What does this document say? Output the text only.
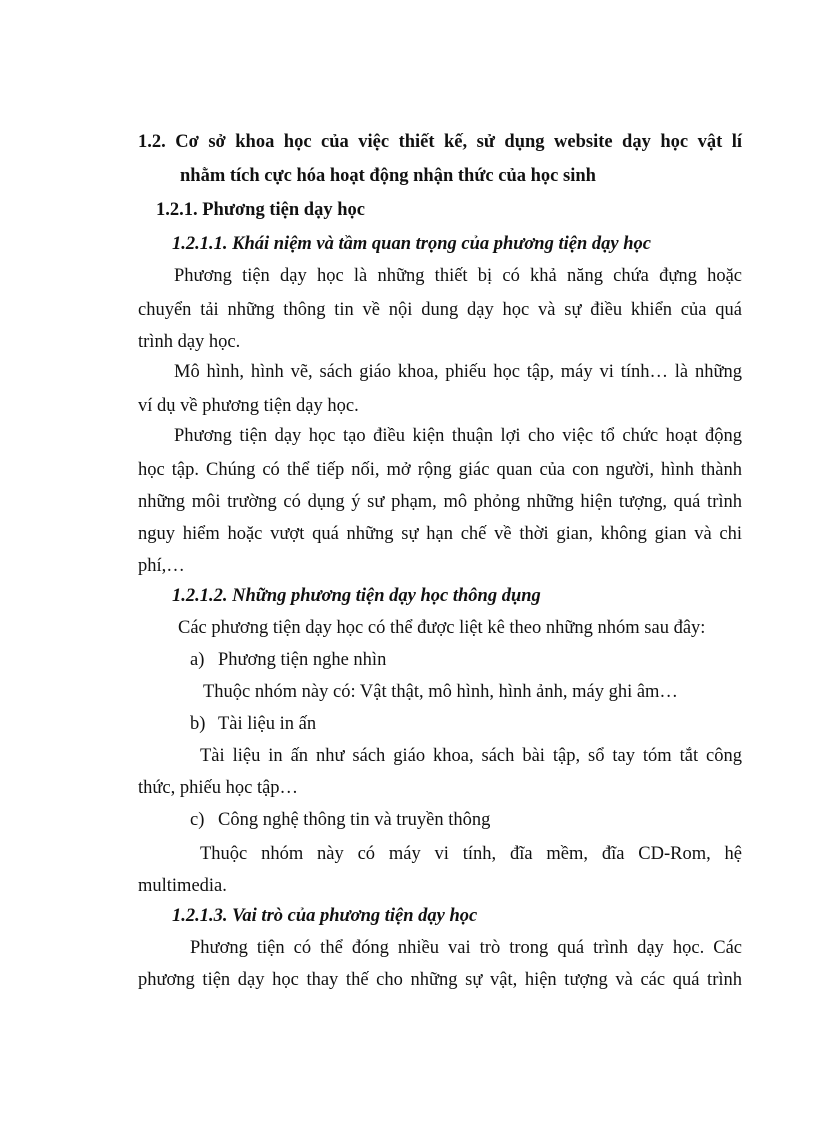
1.2. Cơ sở khoa học của việc thiết kế, sử dụng website dạy học vật lí
nhằm tích cực hóa hoạt động nhận thức của học sinh
1.2.1. Phương tiện dạy học
1.2.1.1. Khái niệm và tầm quan trọng của phương tiện dạy học
Phương tiện dạy học là những thiết bị có khả năng chứa đựng hoặc
chuyển tải những thông tin về nội dung dạy học và sự điều khiển của quá
trình dạy học.
Mô hình, hình vẽ, sách giáo khoa, phiếu học tập, máy vi tính… là những
ví dụ về phương tiện dạy học.
Phương tiện dạy học tạo điều kiện thuận lợi cho việc tổ chức hoạt động
học tập. Chúng có thể tiếp nối, mở rộng giác quan của con người, hình thành
những môi trường có dụng ý sư phạm, mô phỏng những hiện tượng, quá trình
nguy hiểm hoặc vượt quá những sự hạn chế về thời gian, không gian và chi
phí,…
1.2.1.2. Những phương tiện dạy học thông dụng
Các phương tiện dạy học có thể được liệt kê theo những nhóm sau đây:
a) Phương tiện nghe nhìn
Thuộc nhóm này có: Vật thật, mô hình, hình ảnh, máy ghi âm…
b) Tài liệu in ấn
Tài liệu in ấn như sách giáo khoa, sách bài tập, sổ tay tóm tắt công
thức, phiếu học tập…
c) Công nghệ thông tin và truyền thông
Thuộc nhóm này có máy vi tính, đĩa mềm, đĩa CD-Rom, hệ
multimedia.
1.2.1.3. Vai trò của phương tiện dạy học
Phương tiện có thể đóng nhiều vai trò trong quá trình dạy học. Các
phương tiện dạy học thay thế cho những sự vật, hiện tượng và các quá trình
